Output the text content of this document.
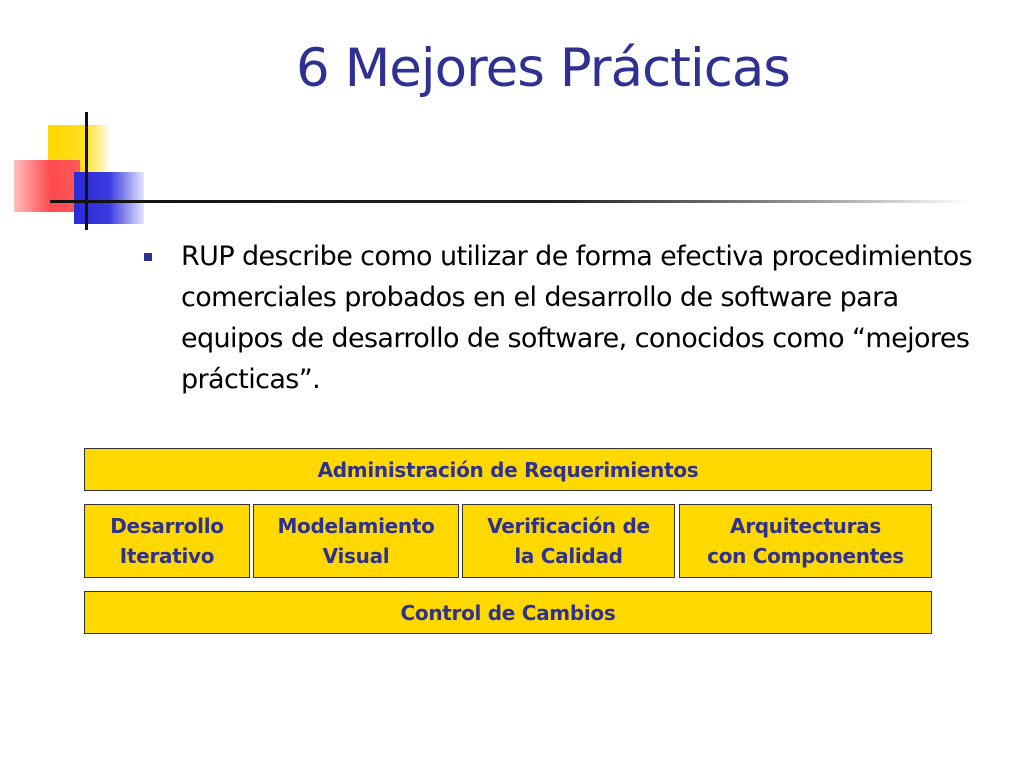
6 Mejores Prácticas
RUP describe como utilizar de forma efectiva procedimientos comerciales probados en el desarrollo de software para equipos de desarrollo de software, conocidos como “mejores prácticas”.
Administración de Requerimientos
Desarrollo
Iterativo
Modelamiento
Visual
Verificación de
la Calidad
Arquitecturas
con Componentes
Control de Cambios
